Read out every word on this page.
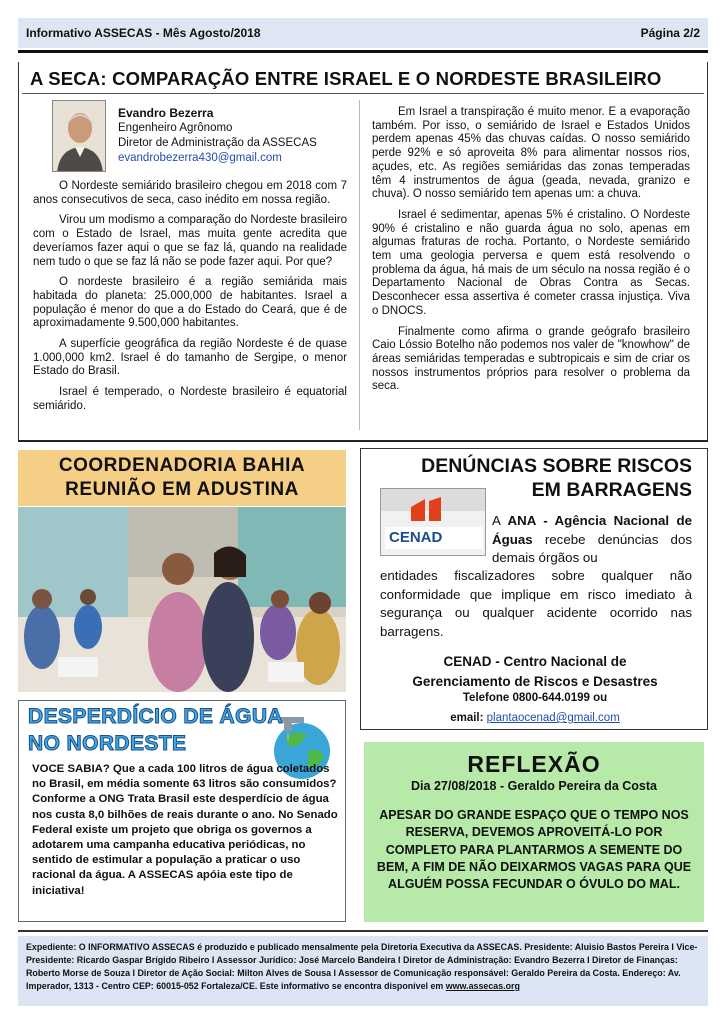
Informativo ASSECAS - Mês Agosto/2018	Página 2/2
A SECA: COMPARAÇÃO ENTRE ISRAEL E O NORDESTE BRASILEIRO
Evandro Bezerra
Engenheiro Agrônomo
Diretor de Administração da ASSECAS
evandrobezerra430@gmail.com

O Nordeste semiárido brasileiro chegou em 2018 com 7 anos consecutivos de seca, caso inédito em nossa região.

Virou um modismo a comparação do Nordeste brasileiro com o Estado de Israel, mas muita gente acredita que deveríamos fazer aqui o que se faz lá, quando na realidade nem tudo o que se faz lá não se pode fazer aqui. Por que?

O nordeste brasileiro é a região semiárida mais habitada do planeta: 25.000,000 de habitantes. Israel a população é menor do que a do Estado do Ceará, que é de aproximadamente 9.500,000 habitantes.

A superfície geográfica da região Nordeste é de quase 1.000,000 km2. Israel é do tamanho de Sergipe, o menor Estado do Brasil.

Israel é temperado, o Nordeste brasileiro é equatorial semiárido.

Em Israel a transpiração é muito menor. E a evaporação também. Por isso, o semiárido de Israel e Estados Unidos perdem apenas 45% das chuvas caídas. O nosso semiárido perde 92% e só aproveita 8% para alimentar nossos rios, açudes, etc. As regiões semiáridas das zonas temperadas têm 4 instrumentos de água (geada, nevada, granizo e chuva). O nosso semiárido tem apenas um: a chuva.

Israel é sedimentar, apenas 5% é cristalino. O Nordeste 90% é cristalino e não guarda água no solo, apenas em algumas fraturas de rocha. Portanto, o Nordeste semiárido tem uma geologia perversa e quem está resolvendo o problema da água, há mais de um século na nossa região é o Departamento Nacional de Obras Contra as Secas. Desconhecer essa assertiva é cometer crassa injustiça. Viva o DNOCS.

Finalmente como afirma o grande geógrafo brasileiro Caio Lóssio Botelho não podemos nos valer de "knowhow" de áreas semiáridas temperadas e subtropicais e sim de criar os nossos instrumentos próprios para resolver o problema da seca.

COORDENADORIA BAHIA
REUNIÃO EM ADUSTINA
DESPERDÍCIO DE ÁGUA
NO NORDESTE
VOCE SABIA? Que a cada 100 litros de água coletados no Brasil, em média somente 63 litros são consumidos? Conforme a ONG Trata Brasil este desperdício de água nos custa 8,0 bilhões de reais durante o ano. No Senado Federal existe um projeto que obriga os governos a adotarem uma campanha educativa periódicas, no sentido de estimular a população a praticar o uso racional da água. A ASSECAS apóia este tipo de iniciativa!
DENÚNCIAS SOBRE RISCOS
EM BARRAGENS
CENAD
A ANA - Agência Nacional de Águas recebe denúncias dos demais órgãos ou
entidades fiscalizadores sobre qualquer não conformidade que implique em risco imediato à segurança ou qualquer acidente ocorrido nas barragens.
CENAD - Centro Nacional de
Gerenciamento de Riscos e Desastres
Telefone 0800-644.0199 ou
email: plantaocenad@gmail.com
REFLEXÃO
Dia 27/08/2018 - Geraldo Pereira da Costa
APESAR DO GRANDE ESPAÇO QUE O TEMPO NOS RESERVA, DEVEMOS APROVEITÁ-LO POR COMPLETO PARA PLANTARMOS A SEMENTE DO BEM, A FIM DE NÃO DEIXARMOS VAGAS PARA QUE ALGUÉM POSSA FECUNDAR O ÓVULO DO MAL.
Expediente: O INFORMATIVO ASSECAS é produzido e publicado mensalmente pela Diretoria Executiva da ASSECAS. Presidente: Aluisio Bastos Pereira I Vice-Presidente: Ricardo Gaspar Brígido Ribeiro I Assessor Jurídico: José Marcelo Bandeira I Diretor de Administração: Evandro Bezerra I Diretor de Finanças: Roberto Morse de Souza I Diretor de Ação Social: Milton Alves de Sousa I Assessor de Comunicação responsável: Geraldo Pereira da Costa. Endereço: Av. Imperador, 1313 - Centro CEP: 60015-052 Fortaleza/CE. Este informativo se encontra disponível em www.assecas.org
